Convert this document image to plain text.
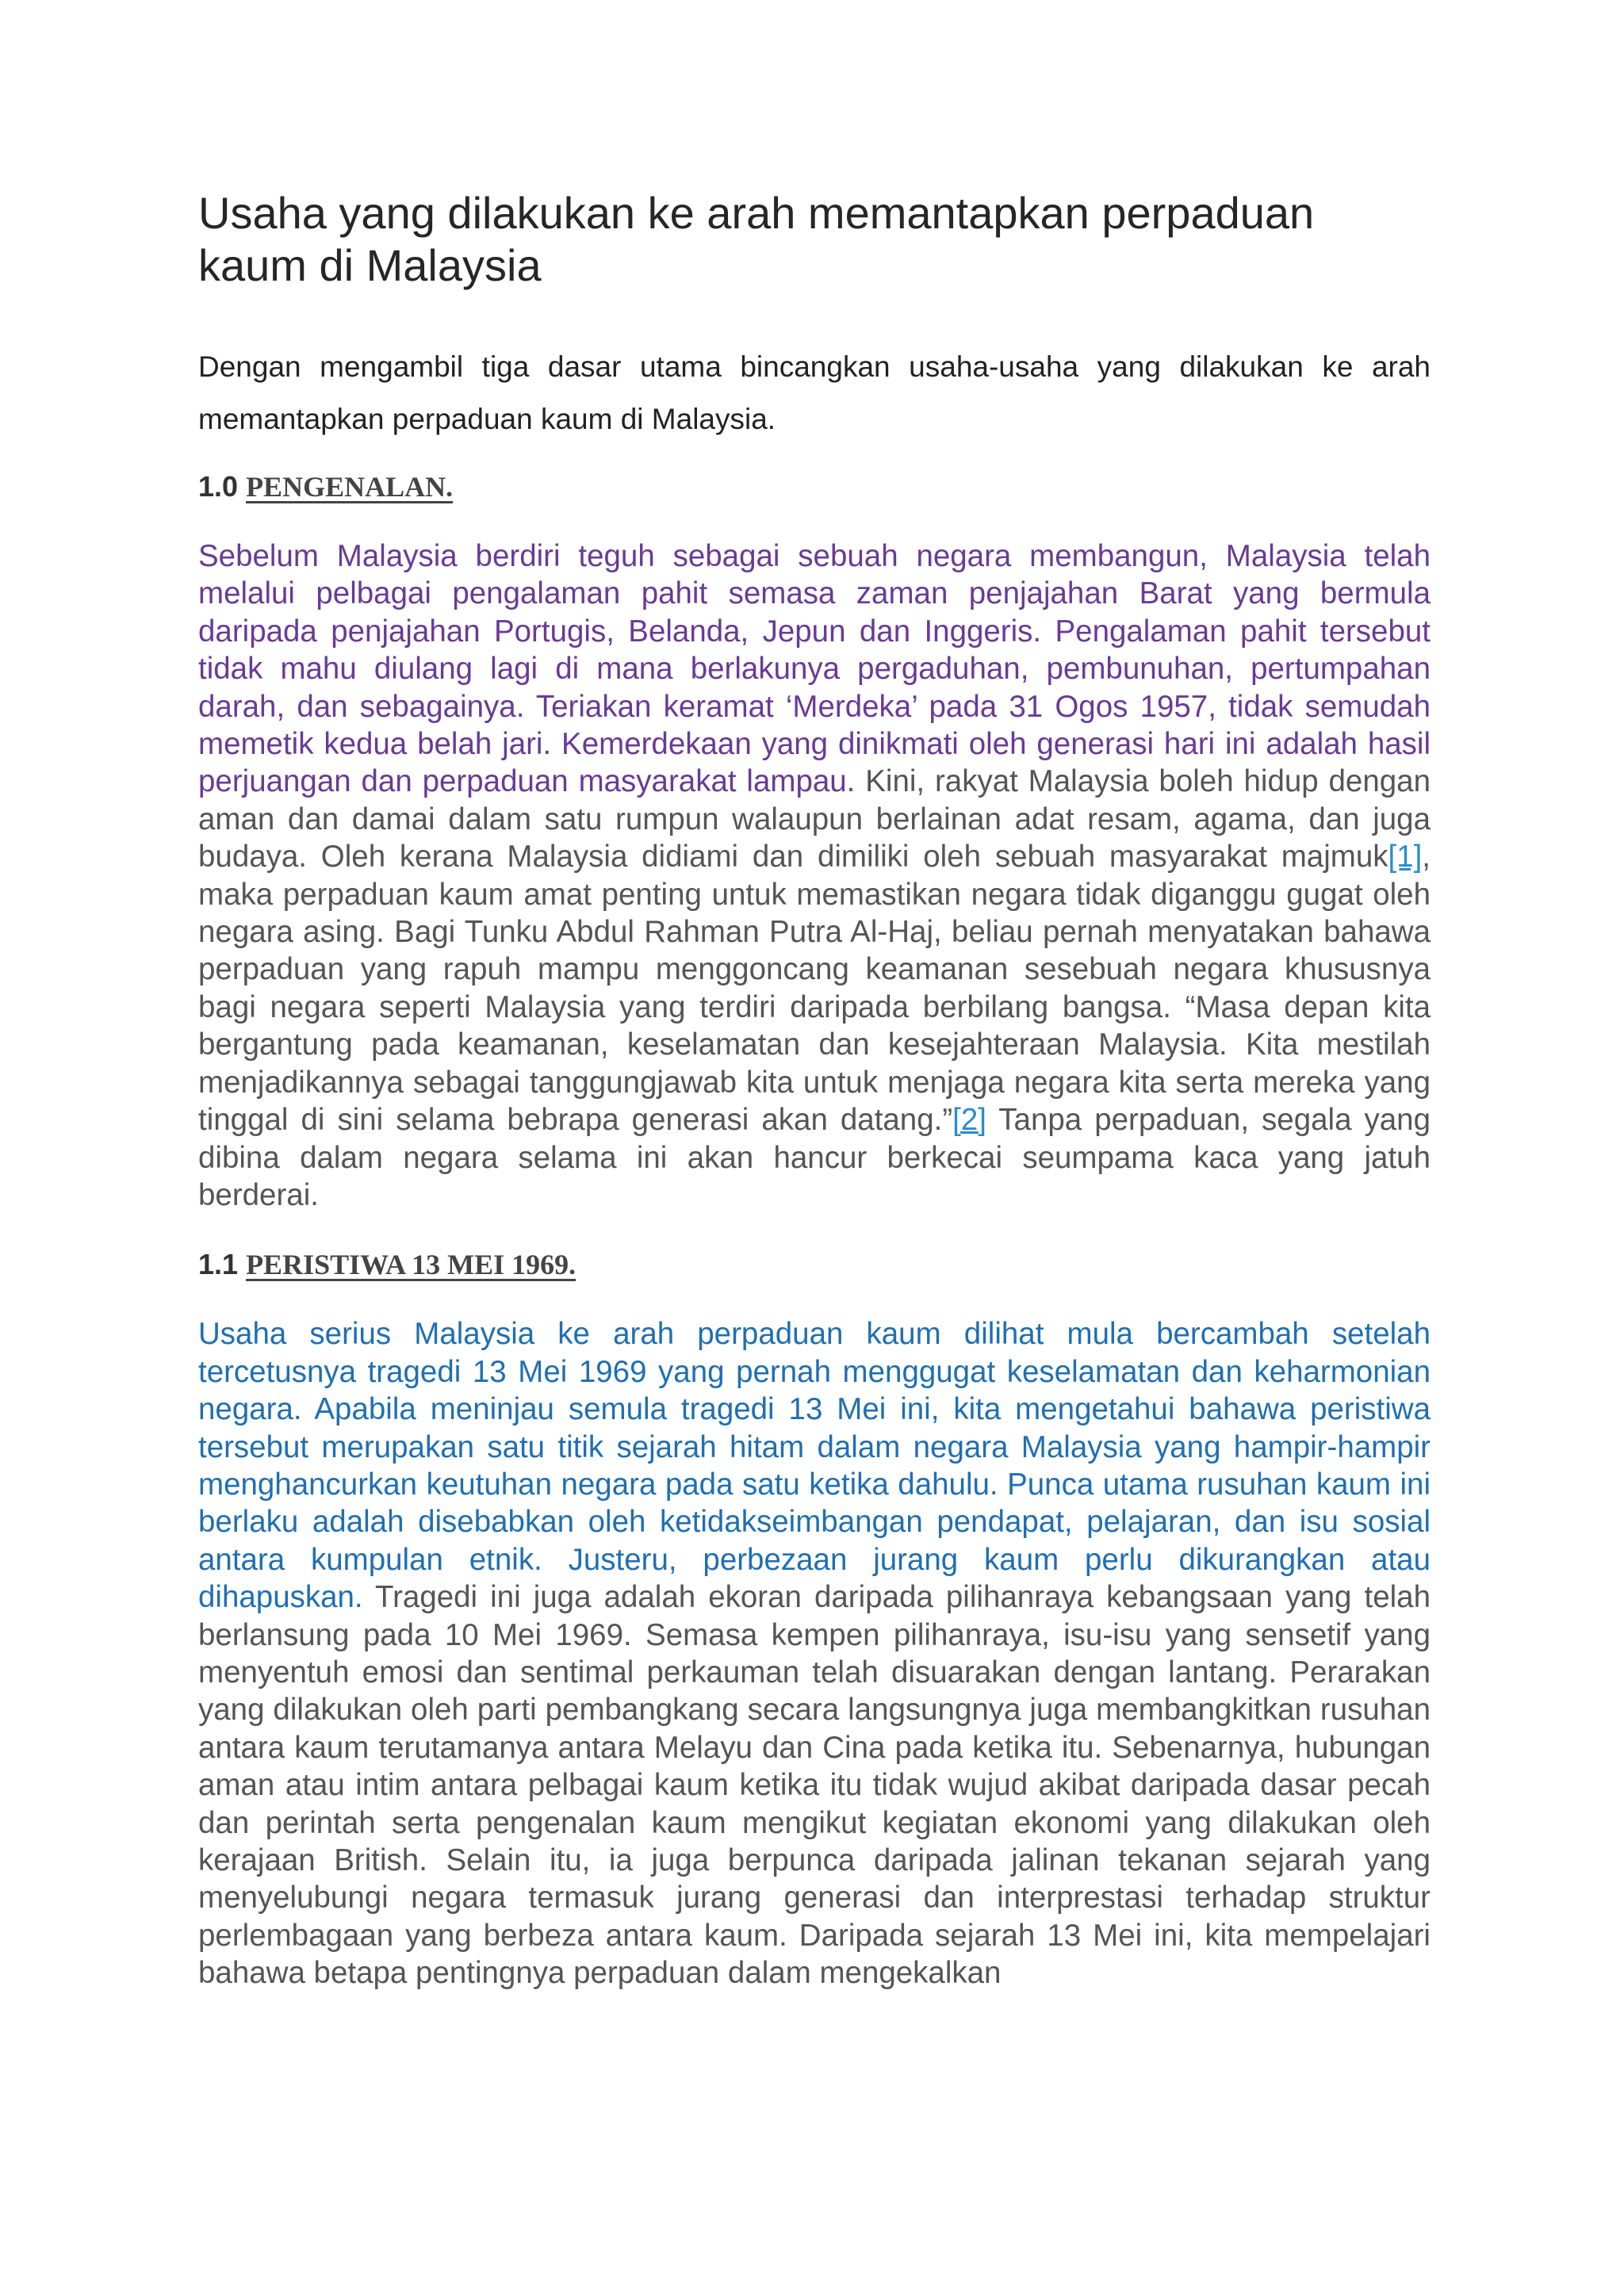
Usaha yang dilakukan ke arah memantapkan perpaduan kaum di Malaysia

Dengan mengambil tiga dasar utama bincangkan usaha-usaha yang dilakukan ke arah memantapkan perpaduan kaum di Malaysia.

1.0 PENGENALAN.

Sebelum Malaysia berdiri teguh sebagai sebuah negara membangun, Malaysia telah melalui pelbagai pengalaman pahit semasa zaman penjajahan Barat yang bermula daripada penjajahan Portugis, Belanda, Jepun dan Inggeris. Pengalaman pahit tersebut tidak mahu diulang lagi di mana berlakunya pergaduhan, pembunuhan, pertumpahan darah, dan sebagainya. Teriakan keramat ‘Merdeka’ pada 31 Ogos 1957, tidak semudah memetik kedua belah jari. Kemerdekaan yang dinikmati oleh generasi hari ini adalah hasil perjuangan dan perpaduan masyarakat lampau. Kini, rakyat Malaysia boleh hidup dengan aman dan damai dalam satu rumpun walaupun berlainan adat resam, agama, dan juga budaya. Oleh kerana Malaysia didiami dan dimiliki oleh sebuah masyarakat majmuk[1], maka perpaduan kaum amat penting untuk memastikan negara tidak diganggu gugat oleh negara asing. Bagi Tunku Abdul Rahman Putra Al-Haj, beliau pernah menyatakan bahawa perpaduan yang rapuh mampu menggoncang keamanan sesebuah negara khususnya bagi negara seperti Malaysia yang terdiri daripada berbilang bangsa. “Masa depan kita bergantung pada keamanan, keselamatan dan kesejahteraan Malaysia. Kita mestilah menjadikannya sebagai tanggungjawab kita untuk menjaga negara kita serta mereka yang tinggal di sini selama bebrapa generasi akan datang.”[2] Tanpa perpaduan, segala yang dibina dalam negara selama ini akan hancur berkecai seumpama kaca yang jatuh berderai.

1.1 PERISTIWA 13 MEI 1969.

Usaha serius Malaysia ke arah perpaduan kaum dilihat mula bercambah setelah tercetusnya tragedi 13 Mei 1969 yang pernah menggugat keselamatan dan keharmonian negara. Apabila meninjau semula tragedi 13 Mei ini, kita mengetahui bahawa peristiwa tersebut merupakan satu titik sejarah hitam dalam negara Malaysia yang hampir-hampir menghancurkan keutuhan negara pada satu ketika dahulu. Punca utama rusuhan kaum ini berlaku adalah disebabkan oleh ketidakseimbangan pendapat, pelajaran, dan isu sosial antara kumpulan etnik. Justeru, perbezaan jurang kaum perlu dikurangkan atau dihapuskan. Tragedi ini juga adalah ekoran daripada pilihanraya kebangsaan yang telah berlansung pada 10 Mei 1969. Semasa kempen pilihanraya, isu-isu yang sensetif yang menyentuh emosi dan sentimal perkauman telah disuarakan dengan lantang. Perarakan yang dilakukan oleh parti pembangkang secara langsungnya juga membangkitkan rusuhan antara kaum terutamanya antara Melayu dan Cina pada ketika itu. Sebenarnya, hubungan aman atau intim antara pelbagai kaum ketika itu tidak wujud akibat daripada dasar pecah dan perintah serta pengenalan kaum mengikut kegiatan ekonomi yang dilakukan oleh kerajaan British. Selain itu, ia juga berpunca daripada jalinan tekanan sejarah yang menyelubungi negara termasuk jurang generasi dan interprestasi terhadap struktur perlembagaan yang berbeza antara kaum. Daripada sejarah 13 Mei ini, kita mempelajari bahawa betapa pentingnya perpaduan dalam mengekalkan
